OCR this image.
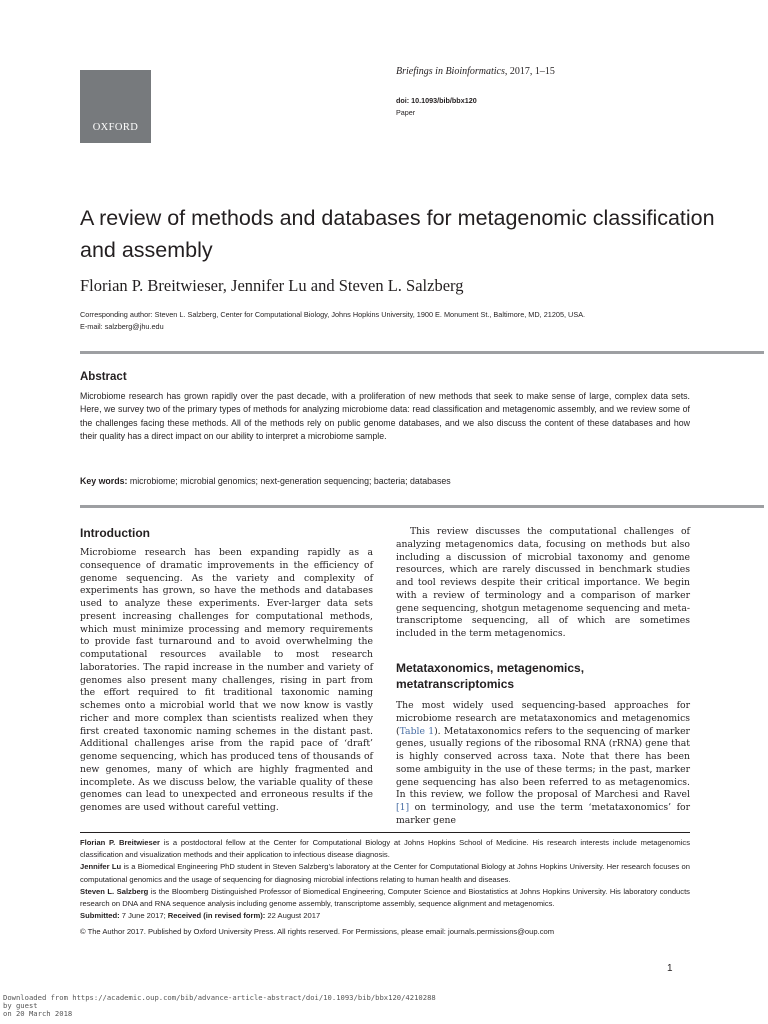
OXFORD
Briefings in Bioinformatics, 2017, 1–15
doi: 10.1093/bib/bbx120
Paper
A review of methods and databases for metagenomic classification and assembly
Florian P. Breitwieser, Jennifer Lu and Steven L. Salzberg
Corresponding author: Steven L. Salzberg, Center for Computational Biology, Johns Hopkins University, 1900 E. Monument St., Baltimore, MD, 21205, USA.
E-mail: salzberg@jhu.edu
Abstract

Microbiome research has grown rapidly over the past decade, with a proliferation of new methods that seek to make sense of large, complex data sets. Here, we survey two of the primary types of methods for analyzing microbiome data: read classification and metagenomic assembly, and we review some of the challenges facing these methods. All of the methods rely on public genome databases, and we also discuss the content of these databases and how their quality has a direct impact on our ability to interpret a microbiome sample.

Key words: microbiome; microbial genomics; next-generation sequencing; bacteria; databases
Introduction

Microbiome research has been expanding rapidly as a consequence of dramatic improvements in the efficiency of genome sequencing. As the variety and complexity of experiments has grown, so have the methods and databases used to analyze these experiments. Ever-larger data sets present increasing challenges for computational methods, which must minimize processing and memory requirements to provide fast turnaround and to avoid overwhelming the computational resources available to most research laboratories. The rapid increase in the number and variety of genomes also present many challenges, rising in part from the effort required to fit traditional taxonomic naming schemes onto a microbial world that we now know is vastly richer and more complex than scientists realized when they first created taxonomic naming schemes in the distant past. Additional challenges arise from the rapid pace of ‘draft’ genome sequencing, which has produced tens of thousands of new genomes, many of which are highly fragmented and incomplete. As we discuss below, the variable quality of these genomes can lead to unexpected and erroneous results if the genomes are used without careful vetting.

This review discusses the computational challenges of analyzing metagenomics data, focusing on methods but also including a discussion of microbial taxonomy and genome resources, which are rarely discussed in benchmark studies and tool reviews despite their critical importance. We begin with a review of terminology and a comparison of marker gene sequencing, shotgun metagenome sequencing and meta-transcriptome sequencing, all of which are sometimes included in the term metagenomics.

Metataxonomics, metagenomics, metatranscriptomics

The most widely used sequencing-based approaches for microbiome research are metataxonomics and metagenomics (Table 1). Metataxonomics refers to the sequencing of marker genes, usually regions of the ribosomal RNA (rRNA) gene that is highly conserved across taxa. Note that there has been some ambiguity in the use of these terms; in the past, marker gene sequencing has also been referred to as metagenomics. In this review, we follow the proposal of Marchesi and Ravel [1] on terminology, and use the term ‘metataxonomics’ for marker gene

Florian P. Breitwieser is a postdoctoral fellow at the Center for Computational Biology at Johns Hopkins School of Medicine. His research interests include metagenomics classification and visualization methods and their application to infectious disease diagnosis.
Jennifer Lu is a Biomedical Engineering PhD student in Steven Salzberg’s laboratory at the Center for Computational Biology at Johns Hopkins University. Her research focuses on computational genomics and the usage of sequencing for diagnosing microbial infections relating to human health and diseases.
Steven L. Salzberg is the Bloomberg Distinguished Professor of Biomedical Engineering, Computer Science and Biostatistics at Johns Hopkins University. His laboratory conducts research on DNA and RNA sequence analysis including genome assembly, transcriptome assembly, sequence alignment and metagenomics.
Submitted: 7 June 2017; Received (in revised form): 22 August 2017
© The Author 2017. Published by Oxford University Press. All rights reserved. For Permissions, please email: journals.permissions@oup.com
1
Downloaded from https://academic.oup.com/bib/advance-article-abstract/doi/10.1093/bib/bbx120/4210288
by guest
on 20 March 2018
